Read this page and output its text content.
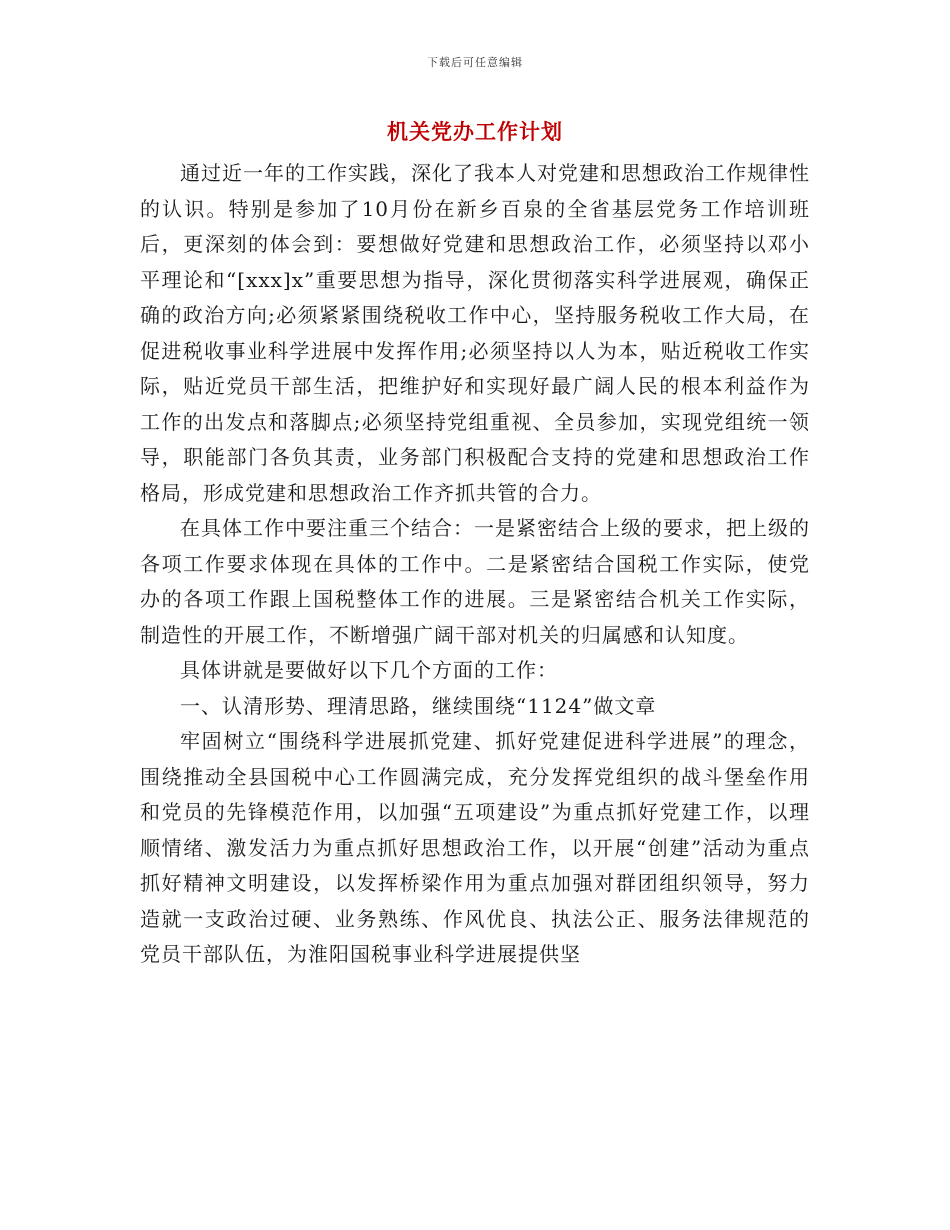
下载后可任意编辑
机关党办工作计划

通过近一年的工作实践，深化了我本人对党建和思想政治工作规律性的认识。特别是参加了10月份在新乡百泉的全省基层党务工作培训班后，更深刻的体会到：要想做好党建和思想政治工作，必须坚持以邓小平理论和“[xxx]x”重要思想为指导，深化贯彻落实科学进展观，确保正确的政治方向;必须紧紧围绕税收工作中心，坚持服务税收工作大局，在促进税收事业科学进展中发挥作用;必须坚持以人为本，贴近税收工作实际，贴近党员干部生活，把维护好和实现好最广阔人民的根本利益作为工作的出发点和落脚点;必须坚持党组重视、全员参加，实现党组统一领导，职能部门各负其责，业务部门积极配合支持的党建和思想政治工作格局，形成党建和思想政治工作齐抓共管的合力。

在具体工作中要注重三个结合：一是紧密结合上级的要求，把上级的各项工作要求体现在具体的工作中。二是紧密结合国税工作实际，使党办的各项工作跟上国税整体工作的进展。三是紧密结合机关工作实际，制造性的开展工作，不断增强广阔干部对机关的归属感和认知度。

具体讲就是要做好以下几个方面的工作：

一、认清形势、理清思路，继续围绕“1124”做文章

牢固树立“围绕科学进展抓党建、抓好党建促进科学进展”的理念，围绕推动全县国税中心工作圆满完成，充分发挥党组织的战斗堡垒作用和党员的先锋模范作用，以加强“五项建设”为重点抓好党建工作，以理顺情绪、激发活力为重点抓好思想政治工作，以开展“创建”活动为重点抓好精神文明建设，以发挥桥梁作用为重点加强对群团组织领导，努力造就一支政治过硬、业务熟练、作风优良、执法公正、服务法律规范的党员干部队伍，为淮阳国税事业科学进展提供坚
